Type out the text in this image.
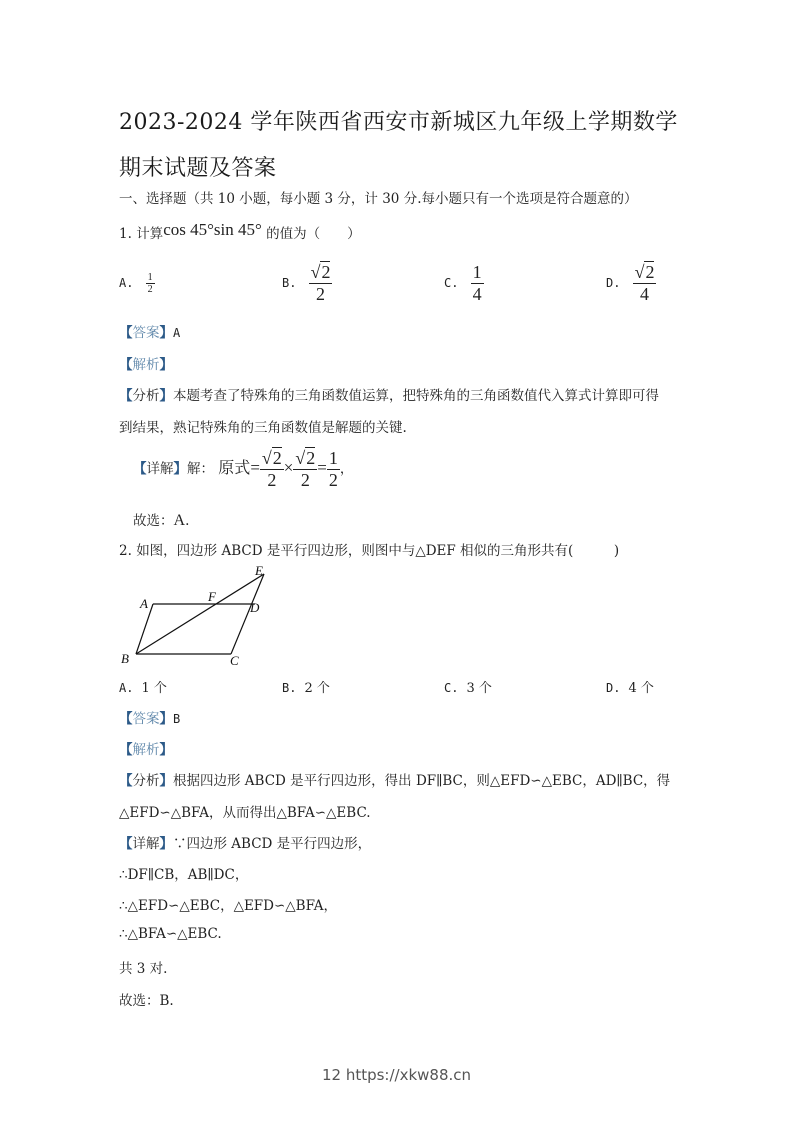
2023-2024 学年陕西省西安市新城区九年级上学期数学期末试题及答案
一、选择题（共 10 小题，每小题 3 分，计 30 分.每小题只有一个选项是符合题意的）
1. 计算cos 45°sin 45° 的值为（　　）
A. $\frac{1}{2}$	B. $\frac{√2}{2}$	C. $\frac{1}{4}$	D. $\frac{√2}{4}$
【答案】A
【解析】
【分析】本题考查了特殊角的三角函数值运算，把特殊角的三角函数值代入算式计算即可得
到结果，熟记特殊角的三角函数值是解题的关键.
【详解】解： 原式= $\frac{√2}{2} \times \frac{√2}{2} = \frac{1}{2}$ ，
故选：A.
2. 如图，四边形 ABCD 是平行四边形，则图中与△DEF 相似的三角形共有(　　　)
A
B	C
D
E
F
A. 1 个	B. 2 个	C. 3 个	D. 4 个
【答案】B
【解析】
【分析】根据四边形 ABCD 是平行四边形，得出 DF∥BC，则△EFD∽△EBC，AD∥BC，得
△EFD∽△BFA，从而得出△BFA∽△EBC.
【详解】∵四边形 ABCD 是平行四边形，
∴DF∥CB，AB∥DC，
∴△EFD∽△EBC，△EFD∽△BFA，
∴△BFA∽△EBC.
共 3 对.
故选：B.
12 https://xkw88.cn
